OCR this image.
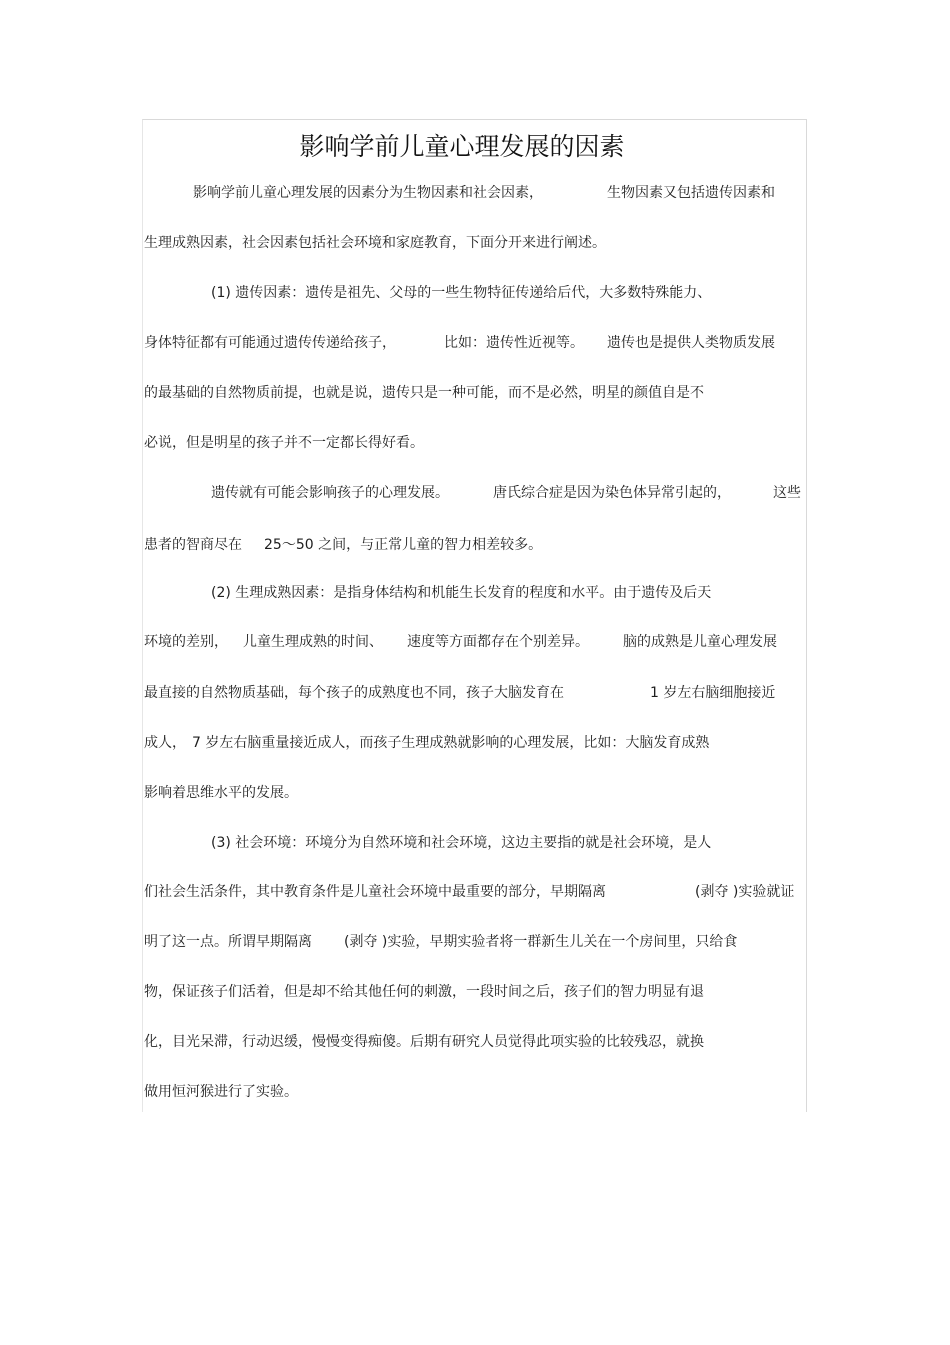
影响学前儿童心理发展的因素
影响学前儿童心理发展的因素分为生物因素和社会因素，	生物因素又包括遗传因素和
生理成熟因素，社会因素包括社会环境和家庭教育，下面分开来进行阐述。
(1) 遗传因素：遗传是祖先、父母的一些生物特征传递给后代，大多数特殊能力、
身体特征都有可能通过遗传传递给孩子，	比如：遗传性近视等。 遗传也是提供人类物质发展
的最基础的自然物质前提，也就是说，遗传只是一种可能，而不是必然，明星的颜值自是不
必说，但是明星的孩子并不一定都长得好看。
遗传就有可能会影响孩子的心理发展。	唐氏综合症是因为染色体异常引起的，	这些
患者的智商尽在 25～50 之间，与正常儿童的智力相差较多。
(2) 生理成熟因素：是指身体结构和机能生长发育的程度和水平。由于遗传及后天
环境的差别， 儿童生理成熟的时间、 速度等方面都存在个别差异。 脑的成熟是儿童心理发展
最直接的自然物质基础，每个孩子的成熟度也不同，孩子大脑发育在	1 岁左右脑细胞接近
成人， 7 岁左右脑重量接近成人，而孩子生理成熟就影响的心理发展，比如：大脑发育成熟
影响着思维水平的发展。
(3) 社会环境：环境分为自然环境和社会环境，这边主要指的就是社会环境，是人
们社会生活条件，其中教育条件是儿童社会环境中最重要的部分，早期隔离	(剥夺 )实验就证
明了这一点。所谓早期隔离 (剥夺 )实验，早期实验者将一群新生儿关在一个房间里，只给食
物，保证孩子们活着，但是却不给其他任何的刺激，一段时间之后，孩子们的智力明显有退
化，目光呆滞，行动迟缓，慢慢变得痴傻。后期有研究人员觉得此项实验的比较残忍，就换
做用恒河猴进行了实验。
